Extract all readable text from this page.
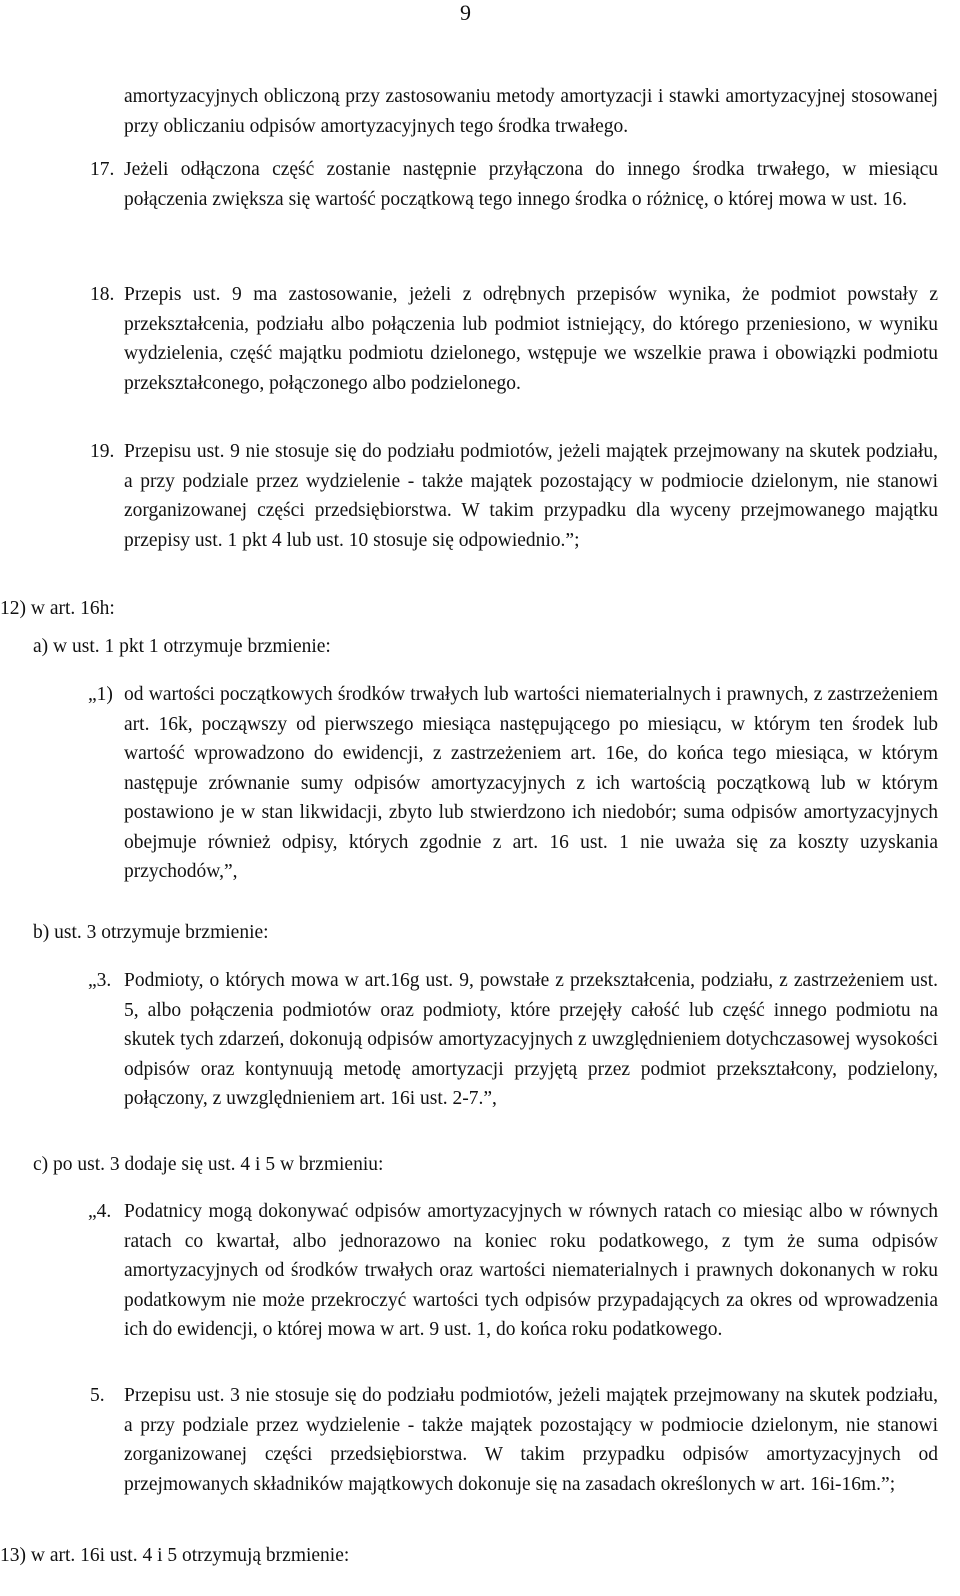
9
amortyzacyjnych obliczoną przy zastosowaniu metody amortyzacji i stawki amortyzacyjnej stosowanej przy obliczaniu odpisów amortyzacyjnych tego środka trwałego.
17. Jeżeli odłączona część zostanie następnie przyłączona do innego środka trwałego, w miesiącu połączenia zwiększa się wartość początkową tego innego środka o różnicę, o której mowa w ust. 16.
18. Przepis ust. 9 ma zastosowanie, jeżeli z odrębnych przepisów wynika, że podmiot powstały z przekształcenia, podziału albo połączenia lub podmiot istniejący, do którego przeniesiono, w wyniku wydzielenia, część majątku podmiotu dzielonego, wstępuje we wszelkie prawa i obowiązki podmiotu przekształconego, połączonego albo podzielonego.
19. Przepisu ust. 9 nie stosuje się do podziału podmiotów, jeżeli majątek przejmowany na skutek podziału, a przy podziale przez wydzielenie - także majątek pozostający w podmiocie dzielonym, nie stanowi zorganizowanej części przedsiębiorstwa. W takim przypadku dla wyceny przejmowanego majątku przepisy ust. 1 pkt 4 lub ust. 10 stosuje się odpowiednio.”;
12) w art. 16h:
a) w ust. 1 pkt 1 otrzymuje brzmienie:
„1) od wartości początkowych środków trwałych lub wartości niematerialnych i prawnych, z zastrzeżeniem art. 16k, począwszy od pierwszego miesiąca następującego po miesiącu, w którym ten środek lub wartość wprowadzono do ewidencji, z zastrzeżeniem art. 16e, do końca tego miesiąca, w którym następuje zrównanie sumy odpisów amortyzacyjnych z ich wartością początkową lub w którym postawiono je w stan likwidacji, zbyto lub stwierdzono ich niedobór; suma odpisów amortyzacyjnych obejmuje również odpisy, których zgodnie z art. 16 ust. 1 nie uważa się za koszty uzyskania przychodów,”,
b) ust. 3 otrzymuje brzmienie:
„3. Podmioty, o których mowa w art.16g ust. 9, powstałe z przekształcenia, podziału, z zastrzeżeniem ust. 5, albo połączenia podmiotów oraz podmioty, które przejęły całość lub część innego podmiotu na skutek tych zdarzeń, dokonują odpisów amortyzacyjnych z uwzględnieniem dotychczasowej wysokości odpisów oraz kontynuują metodę amortyzacji przyjętą przez podmiot przekształcony, podzielony, połączony, z uwzględnieniem art. 16i ust. 2-7.”,
c) po ust. 3 dodaje się ust. 4 i 5 w brzmieniu:
„4. Podatnicy mogą dokonywać odpisów amortyzacyjnych w równych ratach co miesiąc albo w równych ratach co kwartał, albo jednorazowo na koniec roku podatkowego, z tym że suma odpisów amortyzacyjnych od środków trwałych oraz wartości niematerialnych i prawnych dokonanych w roku podatkowym nie może przekroczyć wartości tych odpisów przypadających za okres od wprowadzenia ich do ewidencji, o której mowa w art. 9 ust. 1, do końca roku podatkowego.
5. Przepisu ust. 3 nie stosuje się do podziału podmiotów, jeżeli majątek przejmowany na skutek podziału, a przy podziale przez wydzielenie - także majątek pozostający w podmiocie dzielonym, nie stanowi zorganizowanej części przedsiębiorstwa. W takim przypadku odpisów amortyzacyjnych od przejmowanych składników majątkowych dokonuje się na zasadach określonych w art. 16i-16m.”;
13) w art. 16i ust. 4 i 5 otrzymują brzmienie:
